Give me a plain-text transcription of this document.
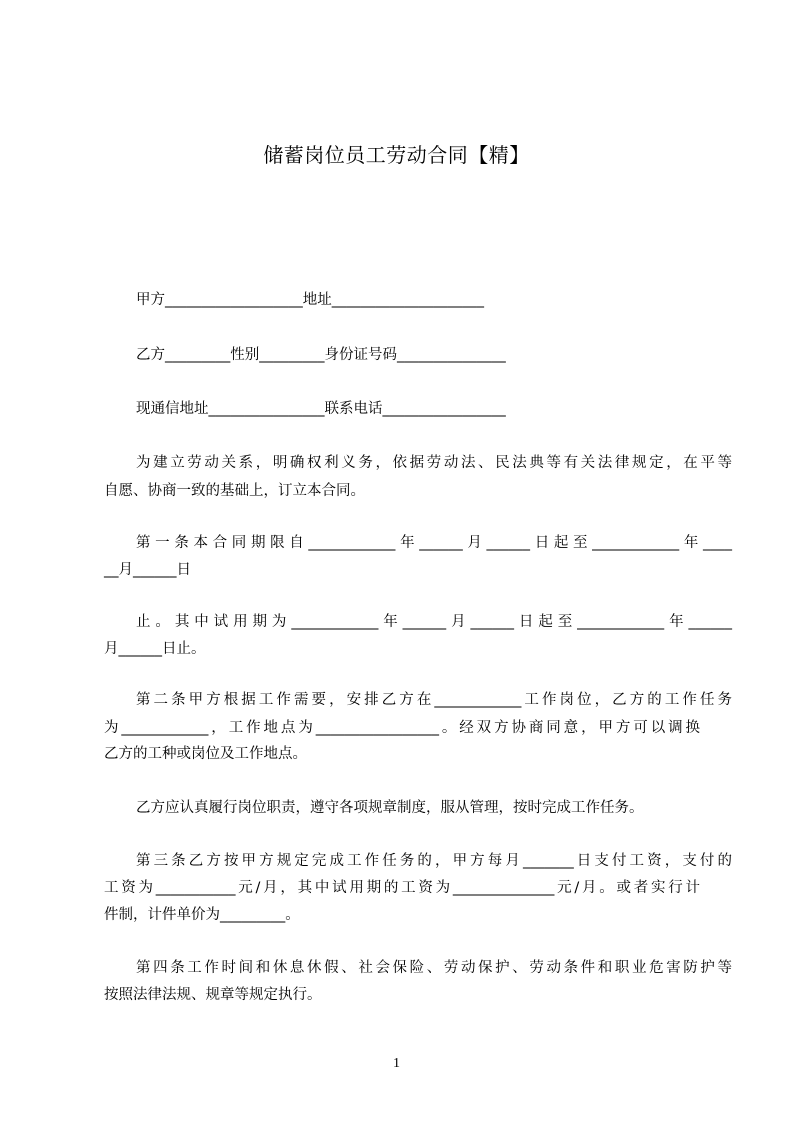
储蓄岗位员工劳动合同【精】
甲方___________________地址_____________________
乙方_________性别_________身份证号码_______________
现通信地址________________联系电话_________________
为建立劳动关系，明确权利义务，依据劳动法、民法典等有关法律规定，在平等
自愿、协商一致的基础上，订立本合同。
第一条本合同期限自____________年______月______日起至____________年____
__月______日
止。其中试用期为____________年______月______日起至____________年______
月______日止。
第二条甲方根据工作需要，安排乙方在____________工作岗位，乙方的工作任务
为____________，工作地点为_________________。经双方协商同意，甲方可以调换
乙方的工种或岗位及工作地点。
乙方应认真履行岗位职责，遵守各项规章制度，服从管理，按时完成工作任务。
第三条乙方按甲方规定完成工作任务的，甲方每月_______日支付工资，支付的
工资为___________元/月，其中试用期的工资为______________元/月。或者实行计
件制，计件单价为_________。
第四条工作时间和休息休假、社会保险、劳动保护、劳动条件和职业危害防护等
按照法律法规、规章等规定执行。
1
